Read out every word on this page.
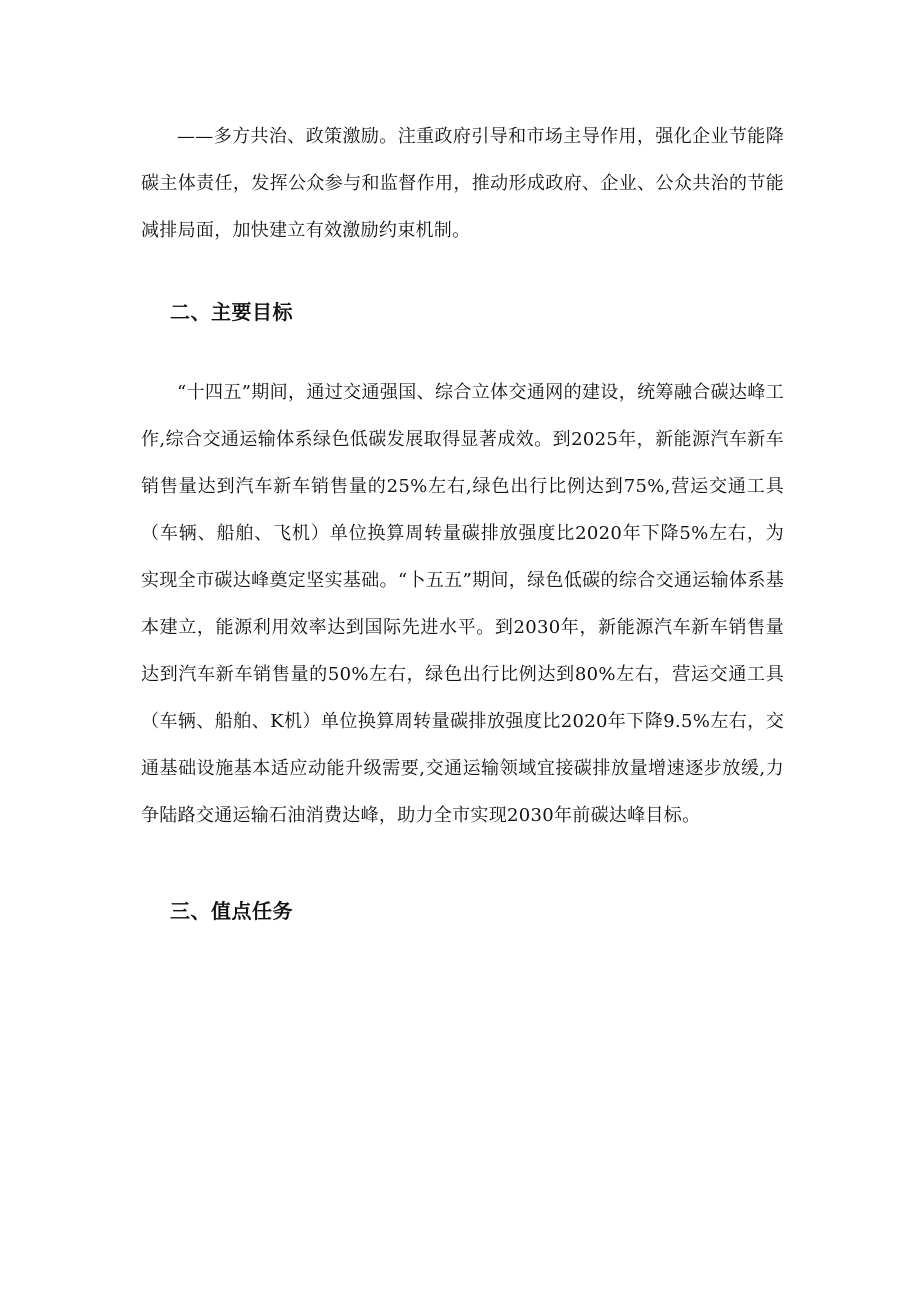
——多方共治、政策激励。注重政府引导和市场主导作用，强化企业节能降碳主体责任，发挥公众参与和监督作用，推动形成政府、企业、公众共治的节能减排局面，加快建立有效激励约束机制。

二、主要目标

“十四五”期间，通过交通强国、综合立体交通网的建设，统筹融合碳达峰工作,综合交通运输体系绿色低碳发展取得显著成效。到2025年，新能源汽车新车销售量达到汽车新车销售量的25%左右,绿色出行比例达到75%,营运交通工具（车辆、船舶、飞机）单位换算周转量碳排放强度比2020年下降5%左右，为实现全市碳达峰奠定坚实基础。“卜五五”期间，绿色低碳的综合交通运输体系基本建立，能源利用效率达到国际先进水平。到2030年，新能源汽车新车销售量达到汽车新车销售量的50%左右，绿色出行比例达到80%左右，营运交通工具（车辆、船舶、K机）单位换算周转量碳排放强度比2020年下降9.5%左右，交通基础设施基本适应动能升级需要,交通运输领域宜接碳排放量增速逐步放缓,力争陆路交通运输石油消费达峰，助力全市实现2030年前碳达峰目标。

三、值点任务
